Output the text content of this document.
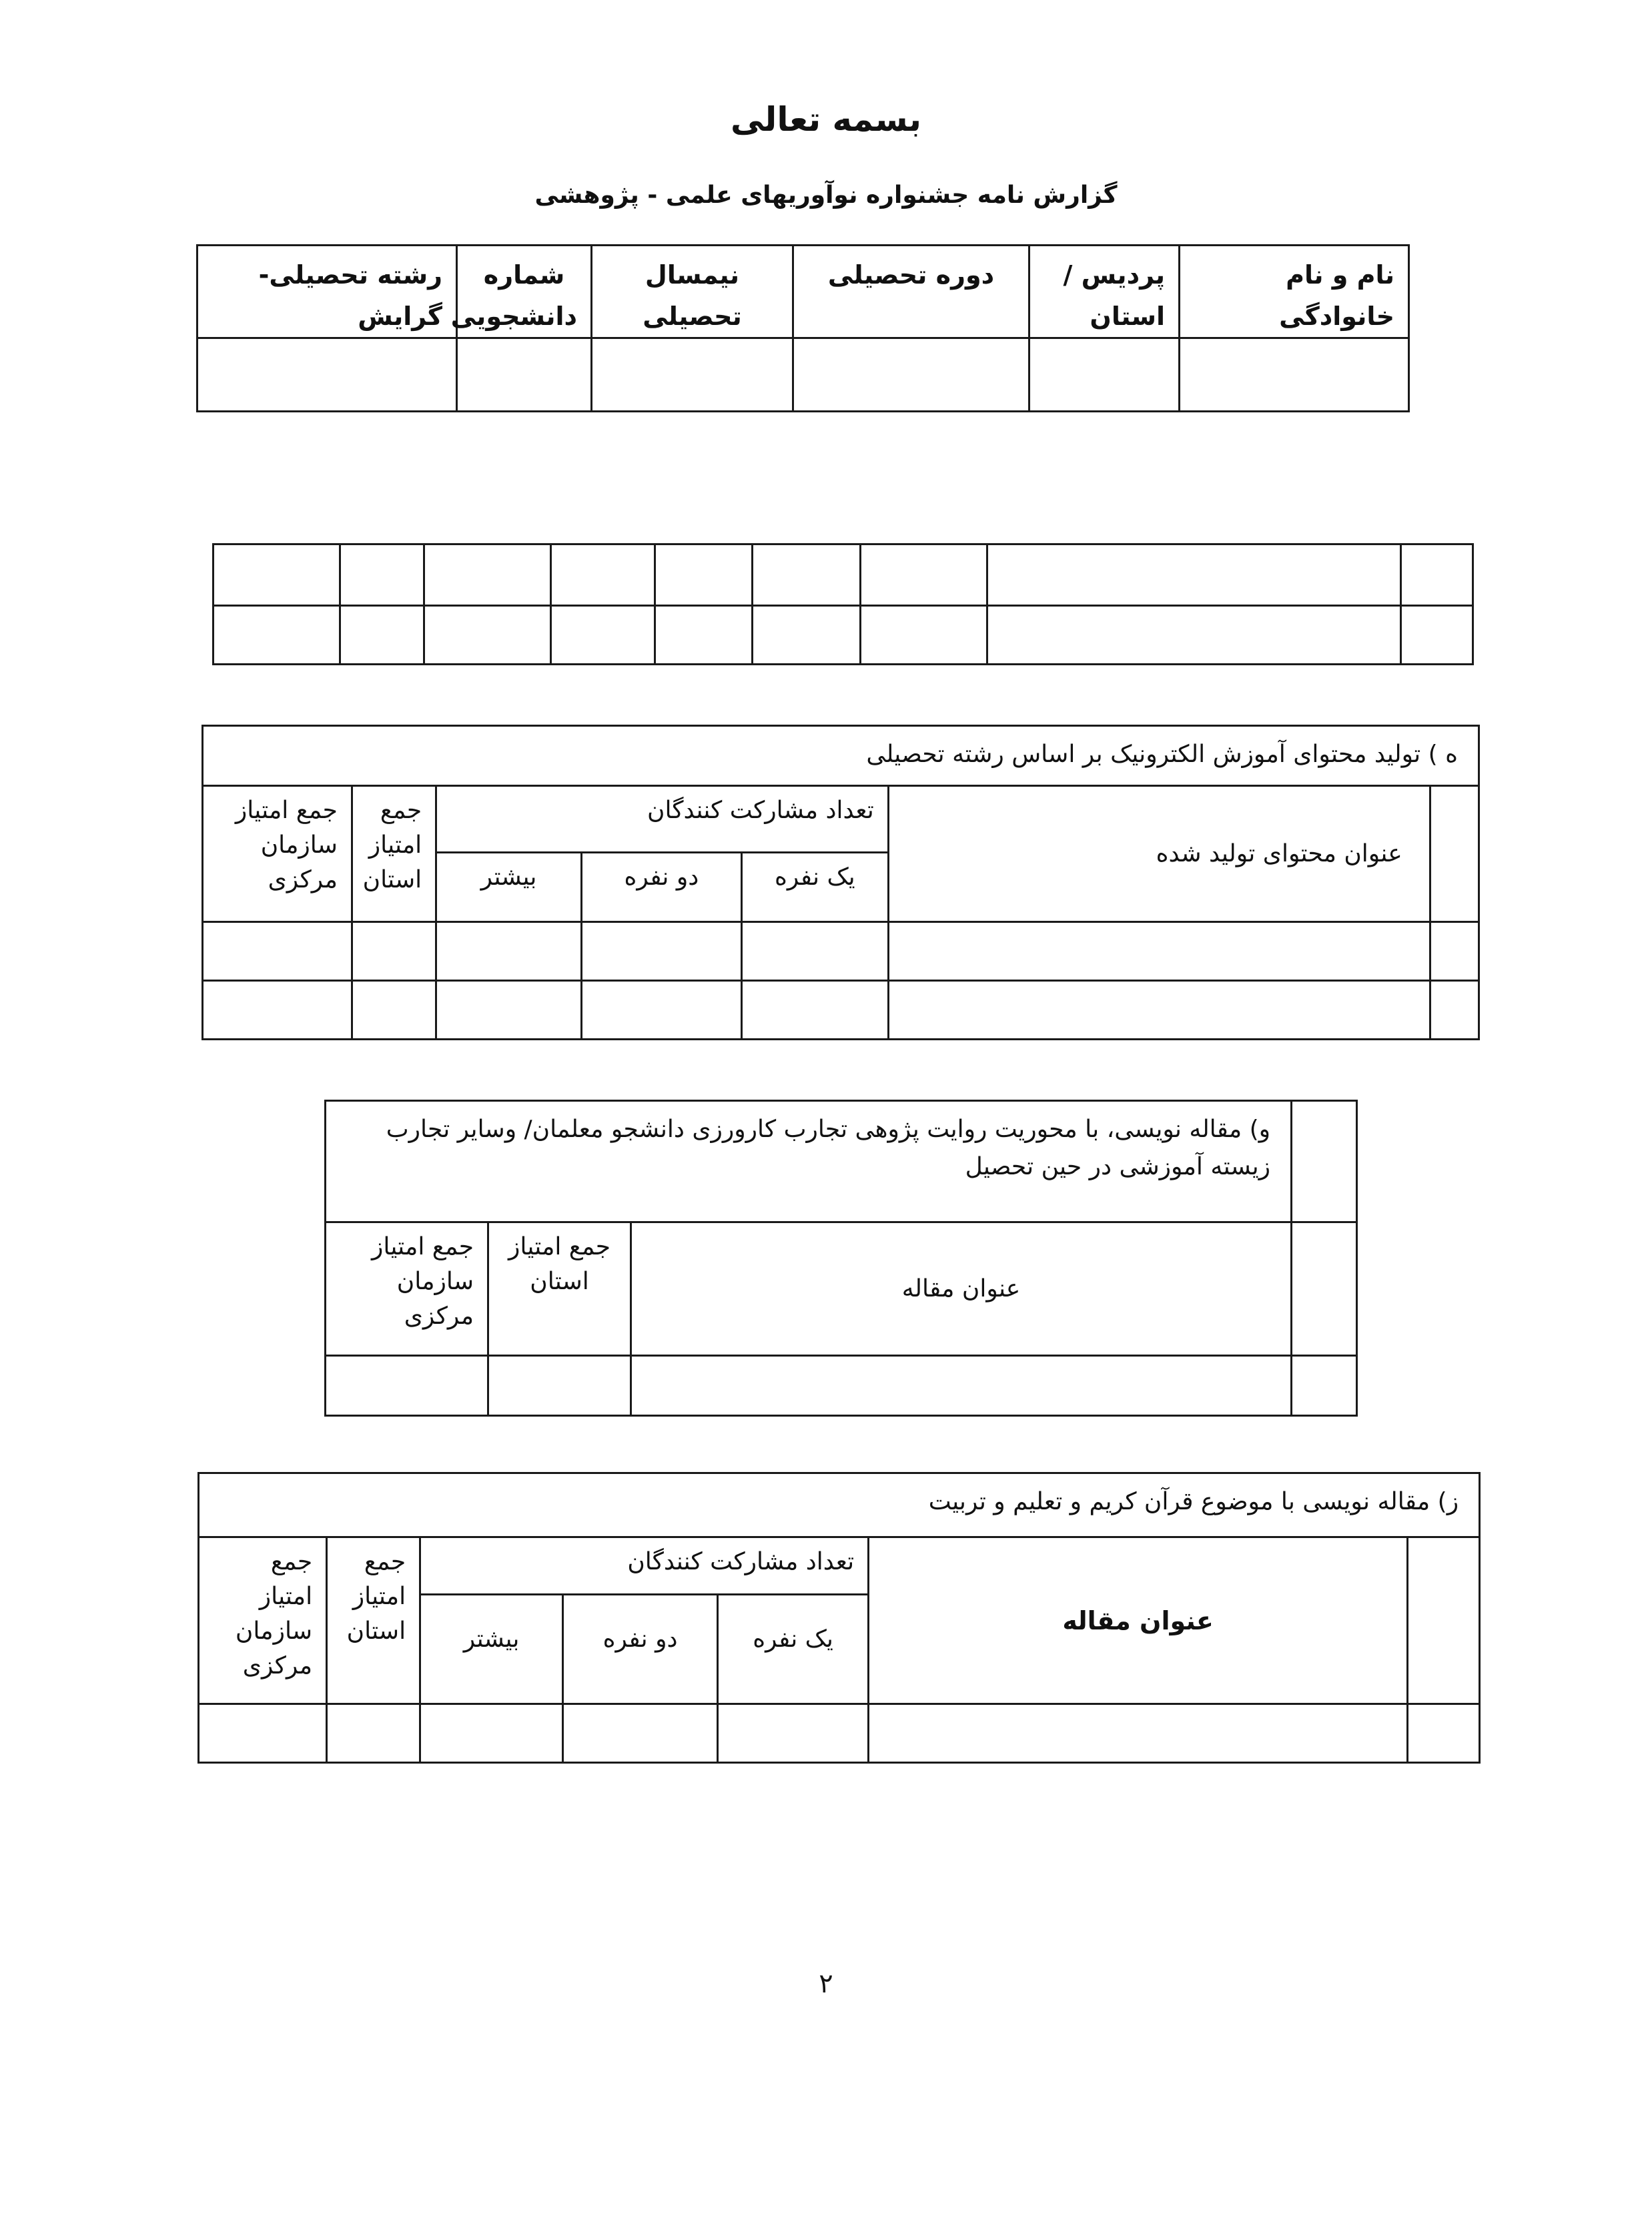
بسمه تعالی
گزارش نامه جشنواره نوآوریهای علمی - پژوهشی
نام و نام خانوادگی	پردیس / استان	دوره تحصیلی	نیمسال تحصیلی	شماره دانشجویی	رشته تحصیلی-گرایش

ه ) تولید محتوای آموزش الکترونیک بر اساس رشته تحصیلی						
	عنوان محتوای تولید شده	تعداد مشارکت کنندگان			جمع امتیاز استان	جمع امتیاز سازمان مرکزی
		یک نفره	دو نفره	بیشتر		

	و) مقاله نویسی، با محوریت روایت پژوهی تجارب کارورزی دانشجو معلمان/ وسایر تجارب زیسته آموزشی در حین تحصیل		
	عنوان مقاله	جمع امتیاز استان	جمع امتیاز سازمان مرکزی

ز) مقاله نویسی با موضوع قرآن کریم و تعلیم و تربیت						
	عنوان مقاله	تعداد مشارکت کنندگان			جمع امتیاز استان	جمع امتیاز سازمان مرکزی
		یک نفره	دو نفره	بیشتر		

۲
